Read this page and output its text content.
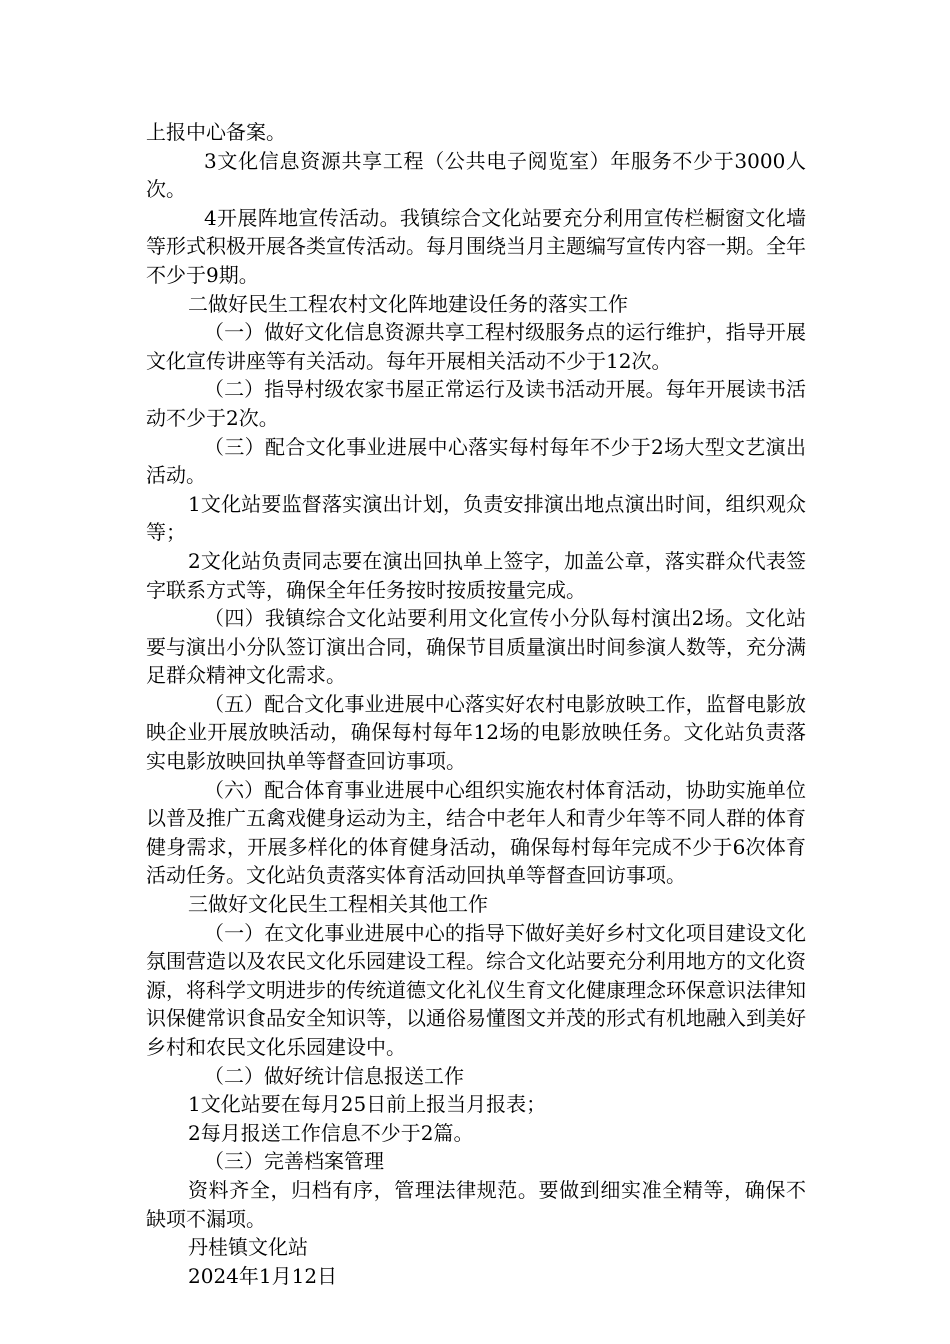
上报中心备案。

3文化信息资源共享工程（公共电子阅览室）年服务不少于3000人次。

4开展阵地宣传活动。我镇综合文化站要充分利用宣传栏橱窗文化墙等形式积极开展各类宣传活动。每月围绕当月主题编写宣传内容一期。全年不少于9期。

二做好民生工程农村文化阵地建设任务的落实工作

（一）做好文化信息资源共享工程村级服务点的运行维护，指导开展文化宣传讲座等有关活动。每年开展相关活动不少于12次。

（二）指导村级农家书屋正常运行及读书活动开展。每年开展读书活动不少于2次。

（三）配合文化事业进展中心落实每村每年不少于2场大型文艺演出活动。

1文化站要监督落实演出计划，负责安排演出地点演出时间，组织观众等；

2文化站负责同志要在演出回执单上签字，加盖公章，落实群众代表签字联系方式等，确保全年任务按时按质按量完成。

（四）我镇综合文化站要利用文化宣传小分队每村演出2场。文化站要与演出小分队签订演出合同，确保节目质量演出时间参演人数等，充分满足群众精神文化需求。

（五）配合文化事业进展中心落实好农村电影放映工作，监督电影放映企业开展放映活动，确保每村每年12场的电影放映任务。文化站负责落实电影放映回执单等督查回访事项。

（六）配合体育事业进展中心组织实施农村体育活动，协助实施单位以普及推广五禽戏健身运动为主，结合中老年人和青少年等不同人群的体育健身需求，开展多样化的体育健身活动，确保每村每年完成不少于6次体育活动任务。文化站负责落实体育活动回执单等督查回访事项。

三做好文化民生工程相关其他工作

（一）在文化事业进展中心的指导下做好美好乡村文化项目建设文化氛围营造以及农民文化乐园建设工程。综合文化站要充分利用地方的文化资源，将科学文明进步的传统道德文化礼仪生育文化健康理念环保意识法律知识保健常识食品安全知识等，以通俗易懂图文并茂的形式有机地融入到美好乡村和农民文化乐园建设中。

（二）做好统计信息报送工作

1文化站要在每月25日前上报当月报表；

2每月报送工作信息不少于2篇。

（三）完善档案管理

资料齐全，归档有序，管理法律规范。要做到细实准全精等，确保不缺项不漏项。

丹桂镇文化站

2024年1月12日
